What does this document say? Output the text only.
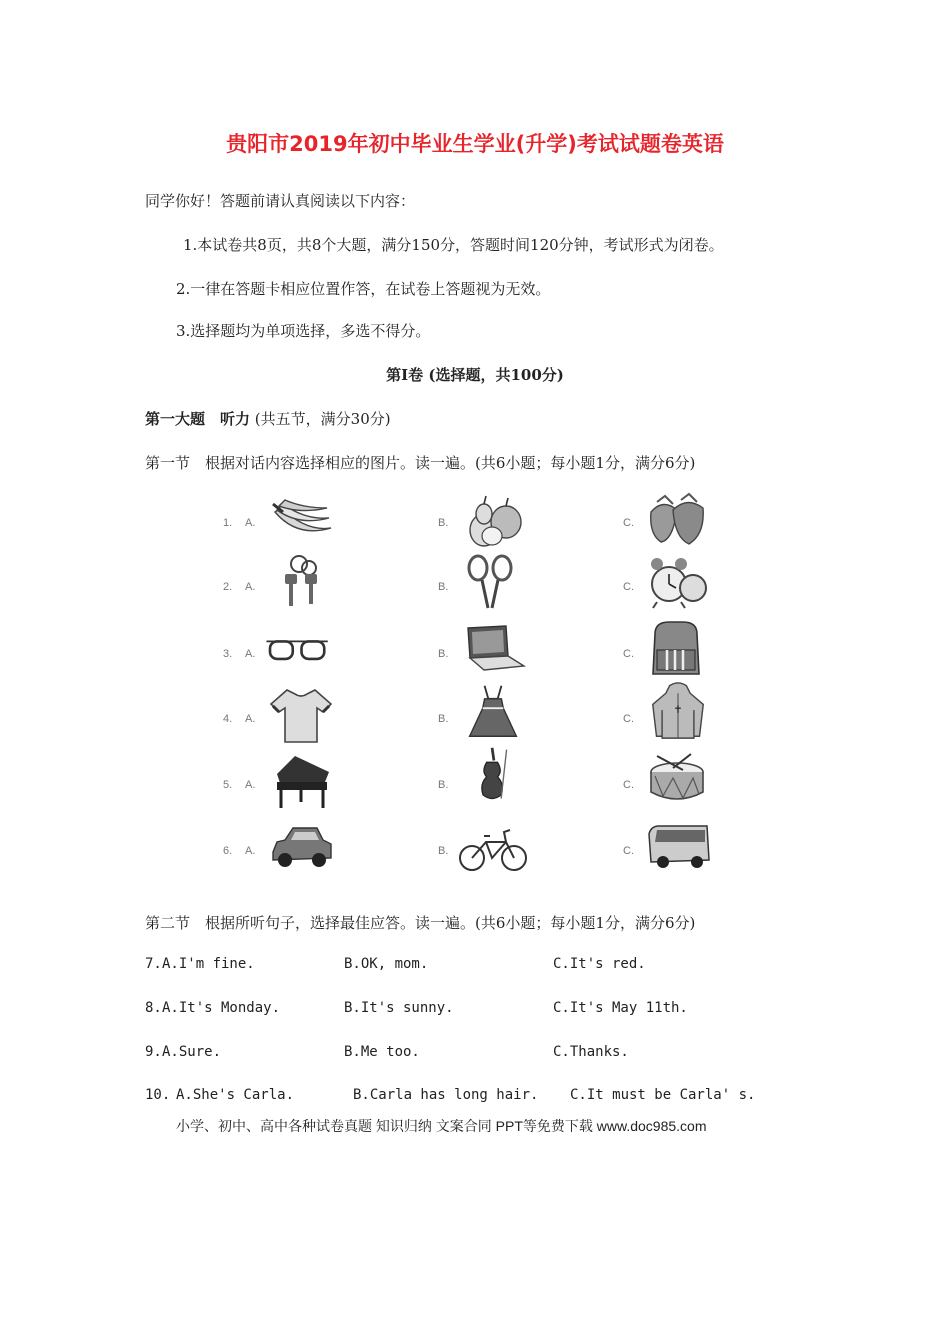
贵阳市2019年初中毕业生学业(升学)考试试题卷英语
同学你好！答题前请认真阅读以下内容：
1.本试卷共8页，共8个大题，满分150分，答题时间120分钟，考试形式为闭卷。
2.一律在答题卡相应位置作答，在试卷上答题视为无效。
3.选择题均为单项选择，多选不得分。
第Ⅰ卷 (选择题，共100分)
第一大题　听力 (共五节，满分30分)
第一节　根据对话内容选择相应的图片。读一遍。(共6小题；每小题1分，满分6分)
1. A.	B.	C.
2. A.	B.	C.
3. A.	B.	C.
4. A.	B.	C.
5. A.	B.	C.
6. A.	B.	C.
第二节　根据所听句子，选择最佳应答。读一遍。(共6小题；每小题1分，满分6分)
7. A.I'm fine.	B.OK, mom.	C.It's red.
8. A.It's Monday.	B.It's sunny.	C.It's May 11th.
9. A.Sure.	B.Me too.	C.Thanks.
10. A.She's Carla.	B.Carla has long hair. C.It must be Carla' s.
小学、初中、高中各种试卷真题 知识归纳 文案合同 PPT等免费下载 www.doc985.com
